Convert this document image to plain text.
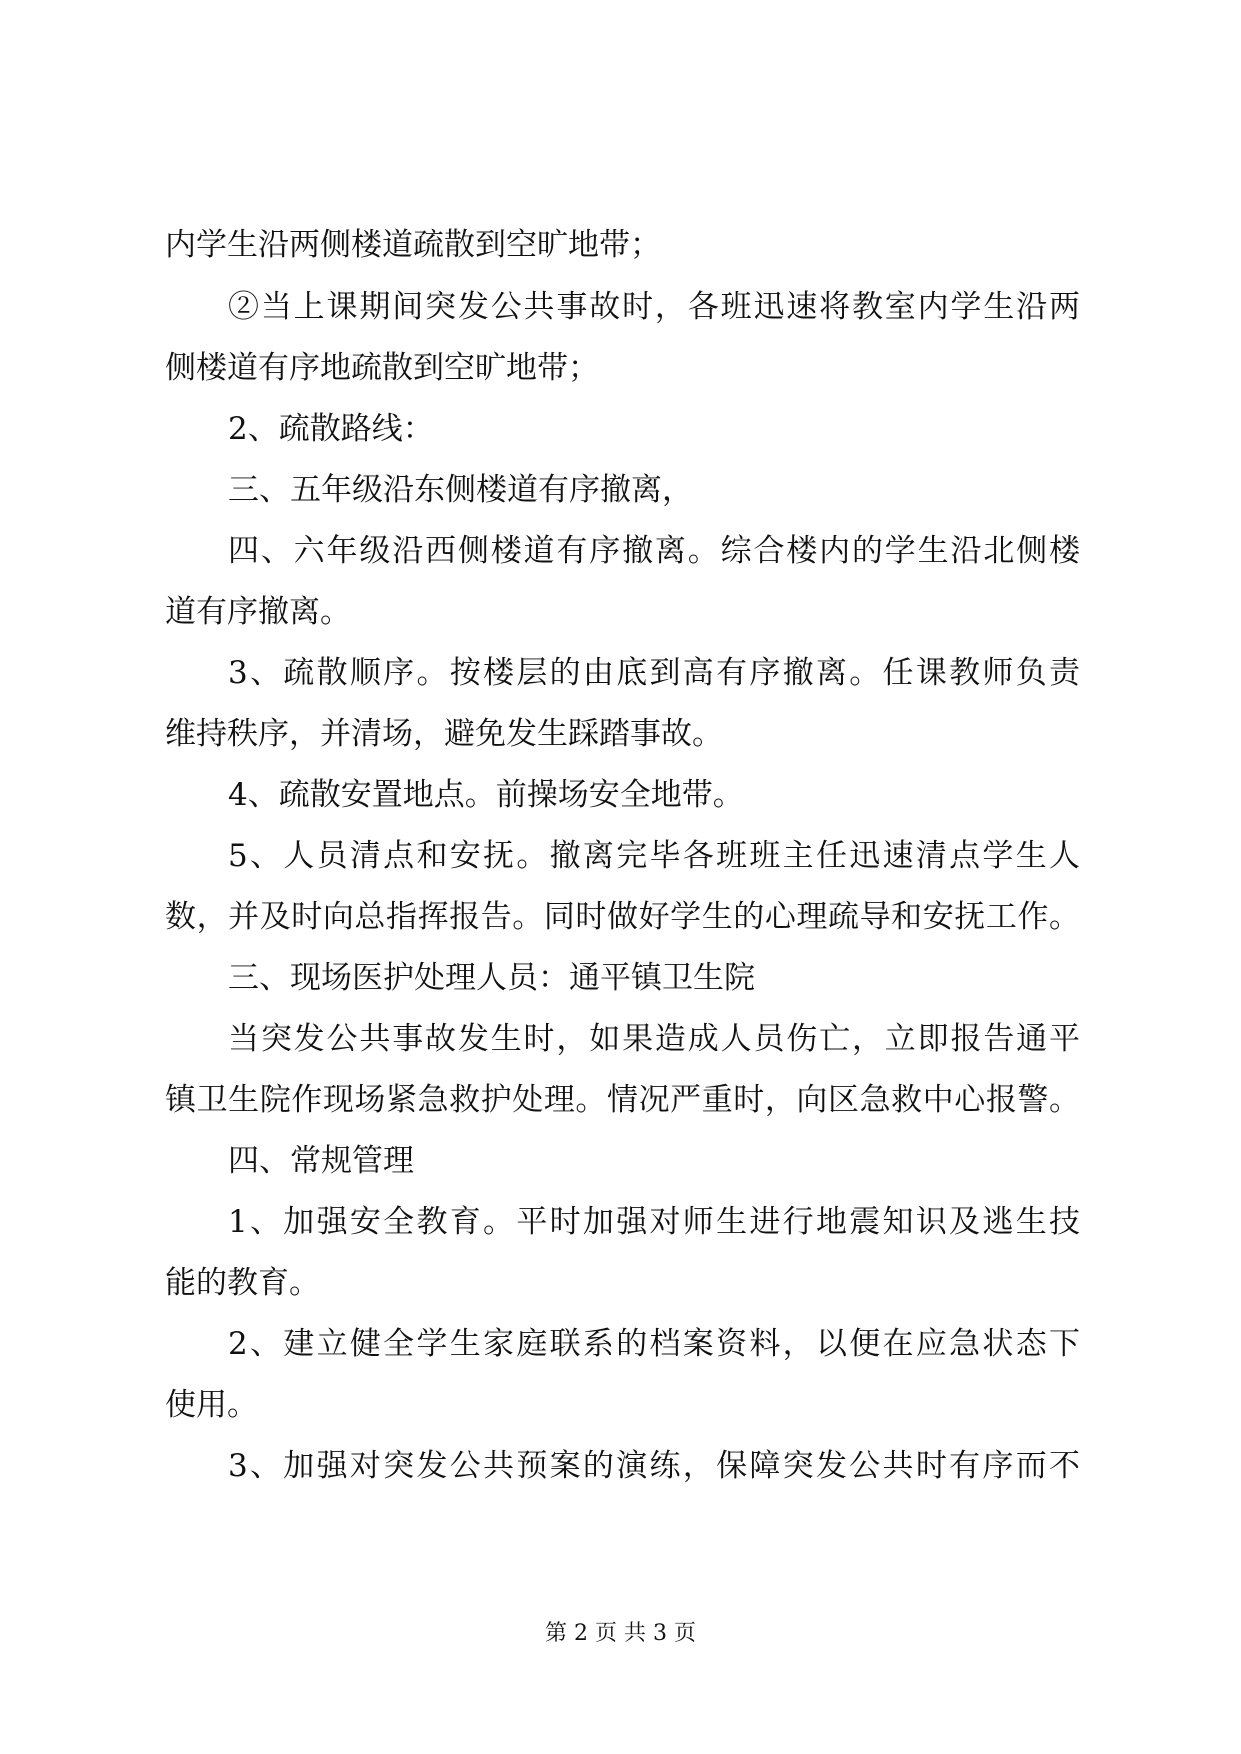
内学生沿两侧楼道疏散到空旷地带；
②当上课期间突发公共事故时，各班迅速将教室内学生沿两
侧楼道有序地疏散到空旷地带；
2、疏散路线：
三、五年级沿东侧楼道有序撤离，
四、六年级沿西侧楼道有序撤离。综合楼内的学生沿北侧楼
道有序撤离。
3、疏散顺序。按楼层的由底到高有序撤离。任课教师负责
维持秩序，并清场，避免发生踩踏事故。
4、疏散安置地点。前操场安全地带。
5、人员清点和安抚。撤离完毕各班班主任迅速清点学生人
数，并及时向总指挥报告。同时做好学生的心理疏导和安抚工作。
三、现场医护处理人员：通平镇卫生院
当突发公共事故发生时，如果造成人员伤亡，立即报告通平
镇卫生院作现场紧急救护处理。情况严重时，向区急救中心报警。
四、常规管理
1、加强安全教育。平时加强对师生进行地震知识及逃生技
能的教育。
2、建立健全学生家庭联系的档案资料，以便在应急状态下
使用。
3、加强对突发公共预案的演练，保障突发公共时有序而不
第 2 页 共 3 页
